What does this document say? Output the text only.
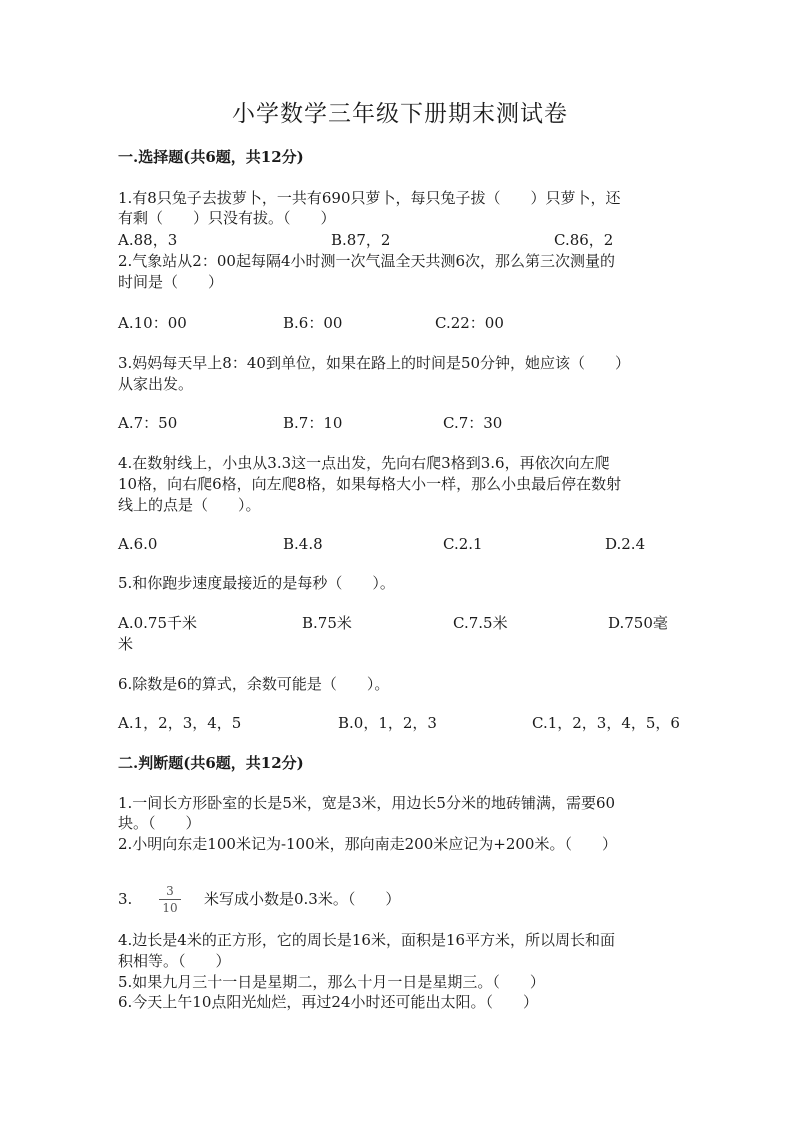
小学数学三年级下册期末测试卷
一.选择题(共6题，共12分)
1.有8只兔子去拔萝卜，一共有690只萝卜，每只兔子拔（　　）只萝卜，还
有剩（　　）只没有拔。（　　）
A.88，3	B.87，2	C.86，2
2.气象站从2：00起每隔4小时测一次气温全天共测6次，那么第三次测量的
时间是（　　）
A.10：00	B.6：00	C.22：00
3.妈妈每天早上8：40到单位，如果在路上的时间是50分钟，她应该（　　）
从家出发。
A.7：50	B.7：10	C.7：30
4.在数射线上，小虫从3.3这一点出发，先向右爬3格到3.6，再依次向左爬
10格，向右爬6格，向左爬8格，如果每格大小一样，那么小虫最后停在数射
线上的点是（　　）。
A.6.0	B.4.8	C.2.1	D.2.4
5.和你跑步速度最接近的是每秒（　　）。
A.0.75千米	B.75米	C.7.5米	D.750毫
米
6.除数是6的算式，余数可能是（　　）。
A.1，2，3，4，5	B.0，1，2，3	C.1，2，3，4，5，6
二.判断题(共6题，共12分)
1.一间长方形卧室的长是5米，宽是3米，用边长5分米的地砖铺满，需要60
块。（　　）
2.小明向东走100米记为-100米，那向南走200米应记为+200米。（　　）
3.	3
10 米写成小数是0.3米。（　　）
4.边长是4米的正方形，它的周长是16米，面积是16平方米，所以周长和面
积相等。（　　）
5.如果九月三十一日是星期二，那么十月一日是星期三。（　　）
6.今天上午10点阳光灿烂，再过24小时还可能出太阳。（　　）
